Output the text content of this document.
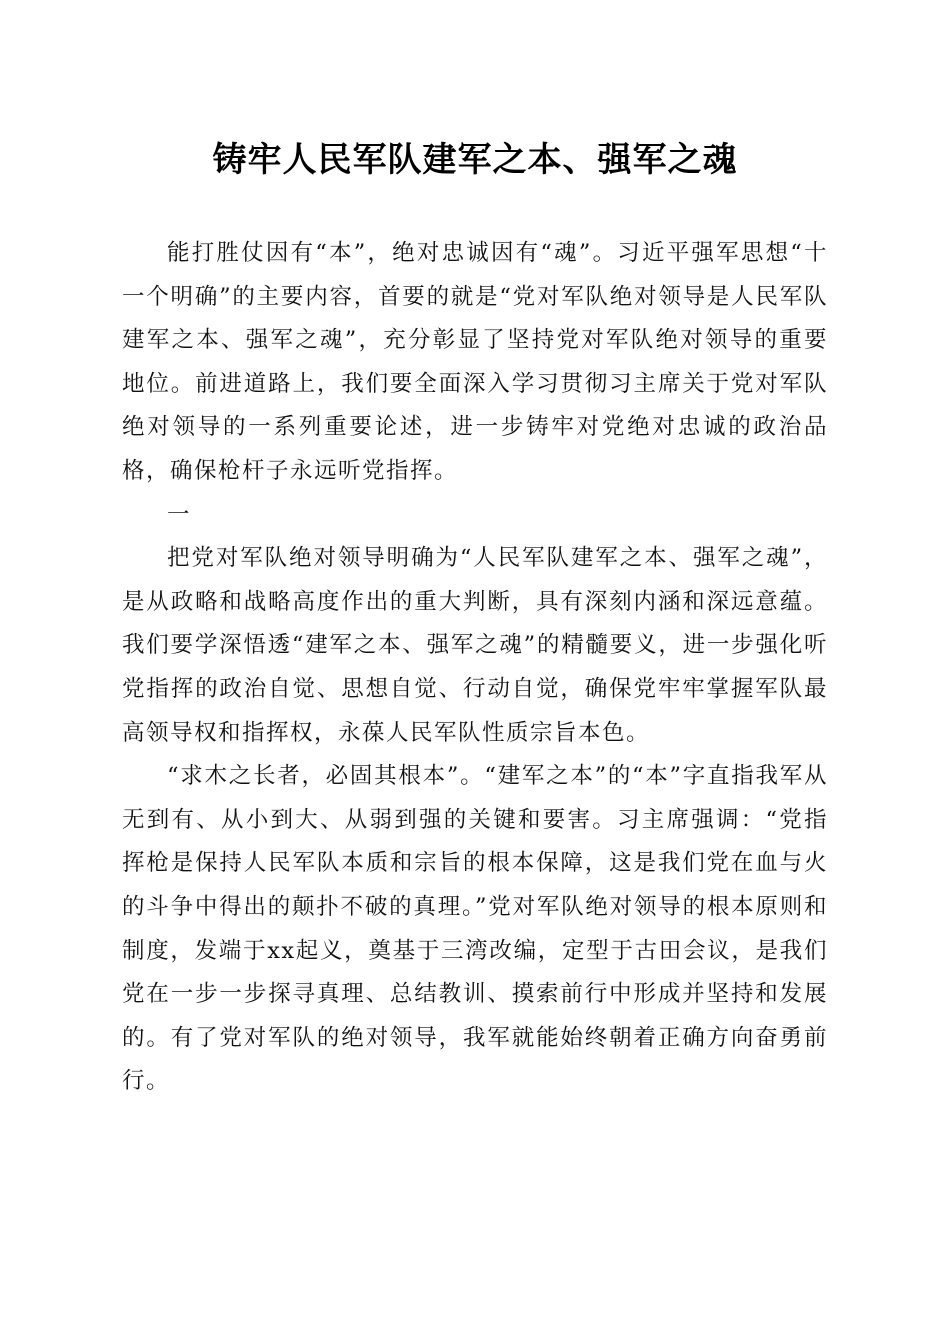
铸牢人民军队建军之本、强军之魂

能打胜仗因有“本”，绝对忠诚因有“魂”。习近平强军思想“十一个明确”的主要内容，首要的就是“党对军队绝对领导是人民军队建军之本、强军之魂”，充分彰显了坚持党对军队绝对领导的重要地位。前进道路上，我们要全面深入学习贯彻习主席关于党对军队绝对领导的一系列重要论述，进一步铸牢对党绝对忠诚的政治品格，确保枪杆子永远听党指挥。

一

把党对军队绝对领导明确为“人民军队建军之本、强军之魂”，是从政略和战略高度作出的重大判断，具有深刻内涵和深远意蕴。我们要学深悟透“建军之本、强军之魂”的精髓要义，进一步强化听党指挥的政治自觉、思想自觉、行动自觉，确保党牢牢掌握军队最高领导权和指挥权，永葆人民军队性质宗旨本色。

“求木之长者，必固其根本”。“建军之本”的“本”字直指我军从无到有、从小到大、从弱到强的关键和要害。习主席强调：“党指挥枪是保持人民军队本质和宗旨的根本保障，这是我们党在血与火的斗争中得出的颠扑不破的真理。”党对军队绝对领导的根本原则和制度，发端于xx起义，奠基于三湾改编，定型于古田会议，是我们党在一步一步探寻真理、总结教训、摸索前行中形成并坚持和发展的。有了党对军队的绝对领导，我军就能始终朝着正确方向奋勇前行。
